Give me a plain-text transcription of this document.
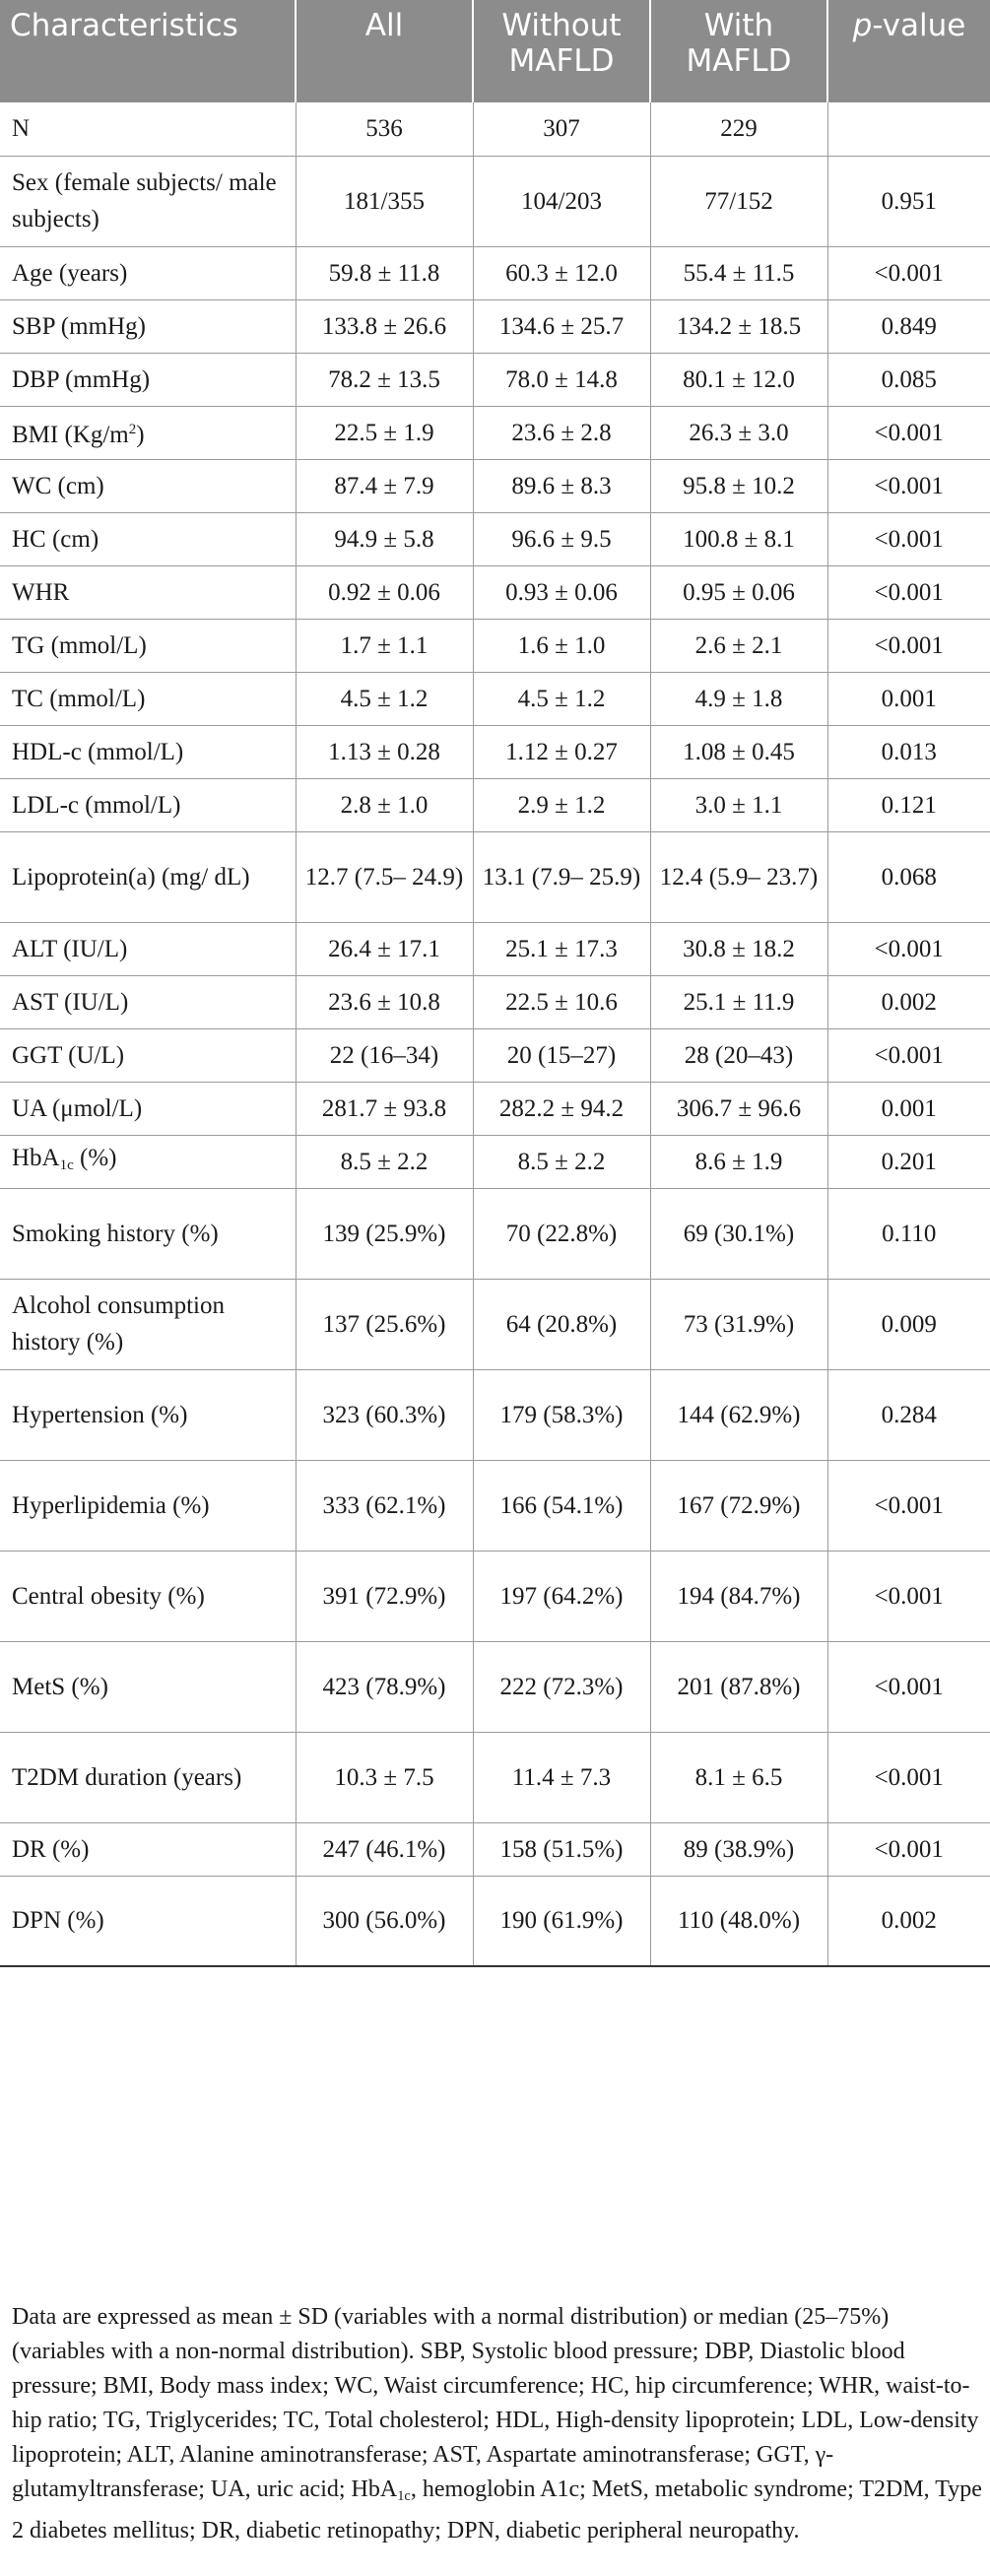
Characteristics	All	Without MAFLD	With MAFLD	p-value
N	536	307	229	
Sex (female subjects/ male subjects)	181/355	104/203	77/152	0.951
Age (years)	59.8 ± 11.8	60.3 ± 12.0	55.4 ± 11.5	<0.001
SBP (mmHg)	133.8 ± 26.6	134.6 ± 25.7	134.2 ± 18.5	0.849
DBP (mmHg)	78.2 ± 13.5	78.0 ± 14.8	80.1 ± 12.0	0.085
BMI $(Kg/m^2)$	22.5 ± 1.9	23.6 ± 2.8	26.3 ± 3.0	<0.001
WC (cm)	87.4 ± 7.9	89.6 ± 8.3	95.8 ± 10.2	<0.001
HC (cm)	94.9 ± 5.8	96.6 ± 9.5	100.8 ± 8.1	<0.001
WHR	0.92 ± 0.06	0.93 ± 0.06	0.95 ± 0.06	<0.001
TG (mmol/L)	1.7 ± 1.1	1.6 ± 1.0	2.6 ± 2.1	<0.001
TC (mmol/L)	4.5 ± 1.2	4.5 ± 1.2	4.9 ± 1.8	0.001
HDL-c (mmol/L)	1.13 ± 0.28	1.12 ± 0.27	1.08 ± 0.45	0.013
LDL-c (mmol/L)	2.8 ± 1.0	2.9 ± 1.2	3.0 ± 1.1	0.121
Lipoprotein(a) (mg/ dL)	12.7 (7.5– 24.9)	13.1 (7.9– 25.9)	12.4 (5.9– 23.7)	0.068
ALT (IU/L)	26.4 ± 17.1	25.1 ± 17.3	30.8 ± 18.2	<0.001
AST (IU/L)	23.6 ± 10.8	22.5 ± 10.6	25.1 ± 11.9	0.002
GGT (U/L)	22 (16–34)	20 (15–27)	28 (20–43)	<0.001
UA (μmol/L)	281.7 ± 93.8	282.2 ± 94.2	306.7 ± 96.6	0.001
HbA$_{1c}$ (%)	8.5 ± 2.2	8.5 ± 2.2	8.6 ± 1.9	0.201
Smoking history (%)	139 (25.9%)	70 (22.8%)	69 (30.1%)	0.110
Alcohol consumption history (%)	137 (25.6%)	64 (20.8%)	73 (31.9%)	0.009
Hypertension (%)	323 (60.3%)	179 (58.3%)	144 (62.9%)	0.284
Hyperlipidemia (%)	333 (62.1%)	166 (54.1%)	167 (72.9%)	<0.001
Central obesity (%)	391 (72.9%)	197 (64.2%)	194 (84.7%)	<0.001
MetS (%)	423 (78.9%)	222 (72.3%)	201 (87.8%)	<0.001
T2DM duration (years)	10.3 ± 7.5	11.4 ± 7.3	8.1 ± 6.5	<0.001
DR (%)	247 (46.1%)	158 (51.5%)	89 (38.9%)	<0.001
DPN (%)	300 (56.0%)	190 (61.9%)	110 (48.0%)	0.002
Data are expressed as mean ± SD (variables with a normal distribution) or median (25–75%) (variables with a non-normal distribution). SBP, Systolic blood pressure; DBP, Diastolic blood pressure; BMI, Body mass index; WC, Waist circumference; HC, hip circumference; WHR, waist-to-hip ratio; TG, Triglycerides; TC, Total cholesterol; HDL, High-density lipoprotein; LDL, Low-density lipoprotein; ALT, Alanine aminotransferase; AST, Aspartate aminotransferase; GGT, γ-glutamyltransferase; UA, uric acid; HbA$_{1c}$, hemoglobin A1c; MetS, metabolic syndrome; T2DM, Type 2 diabetes mellitus; DR, diabetic retinopathy; DPN, diabetic peripheral neuropathy.
